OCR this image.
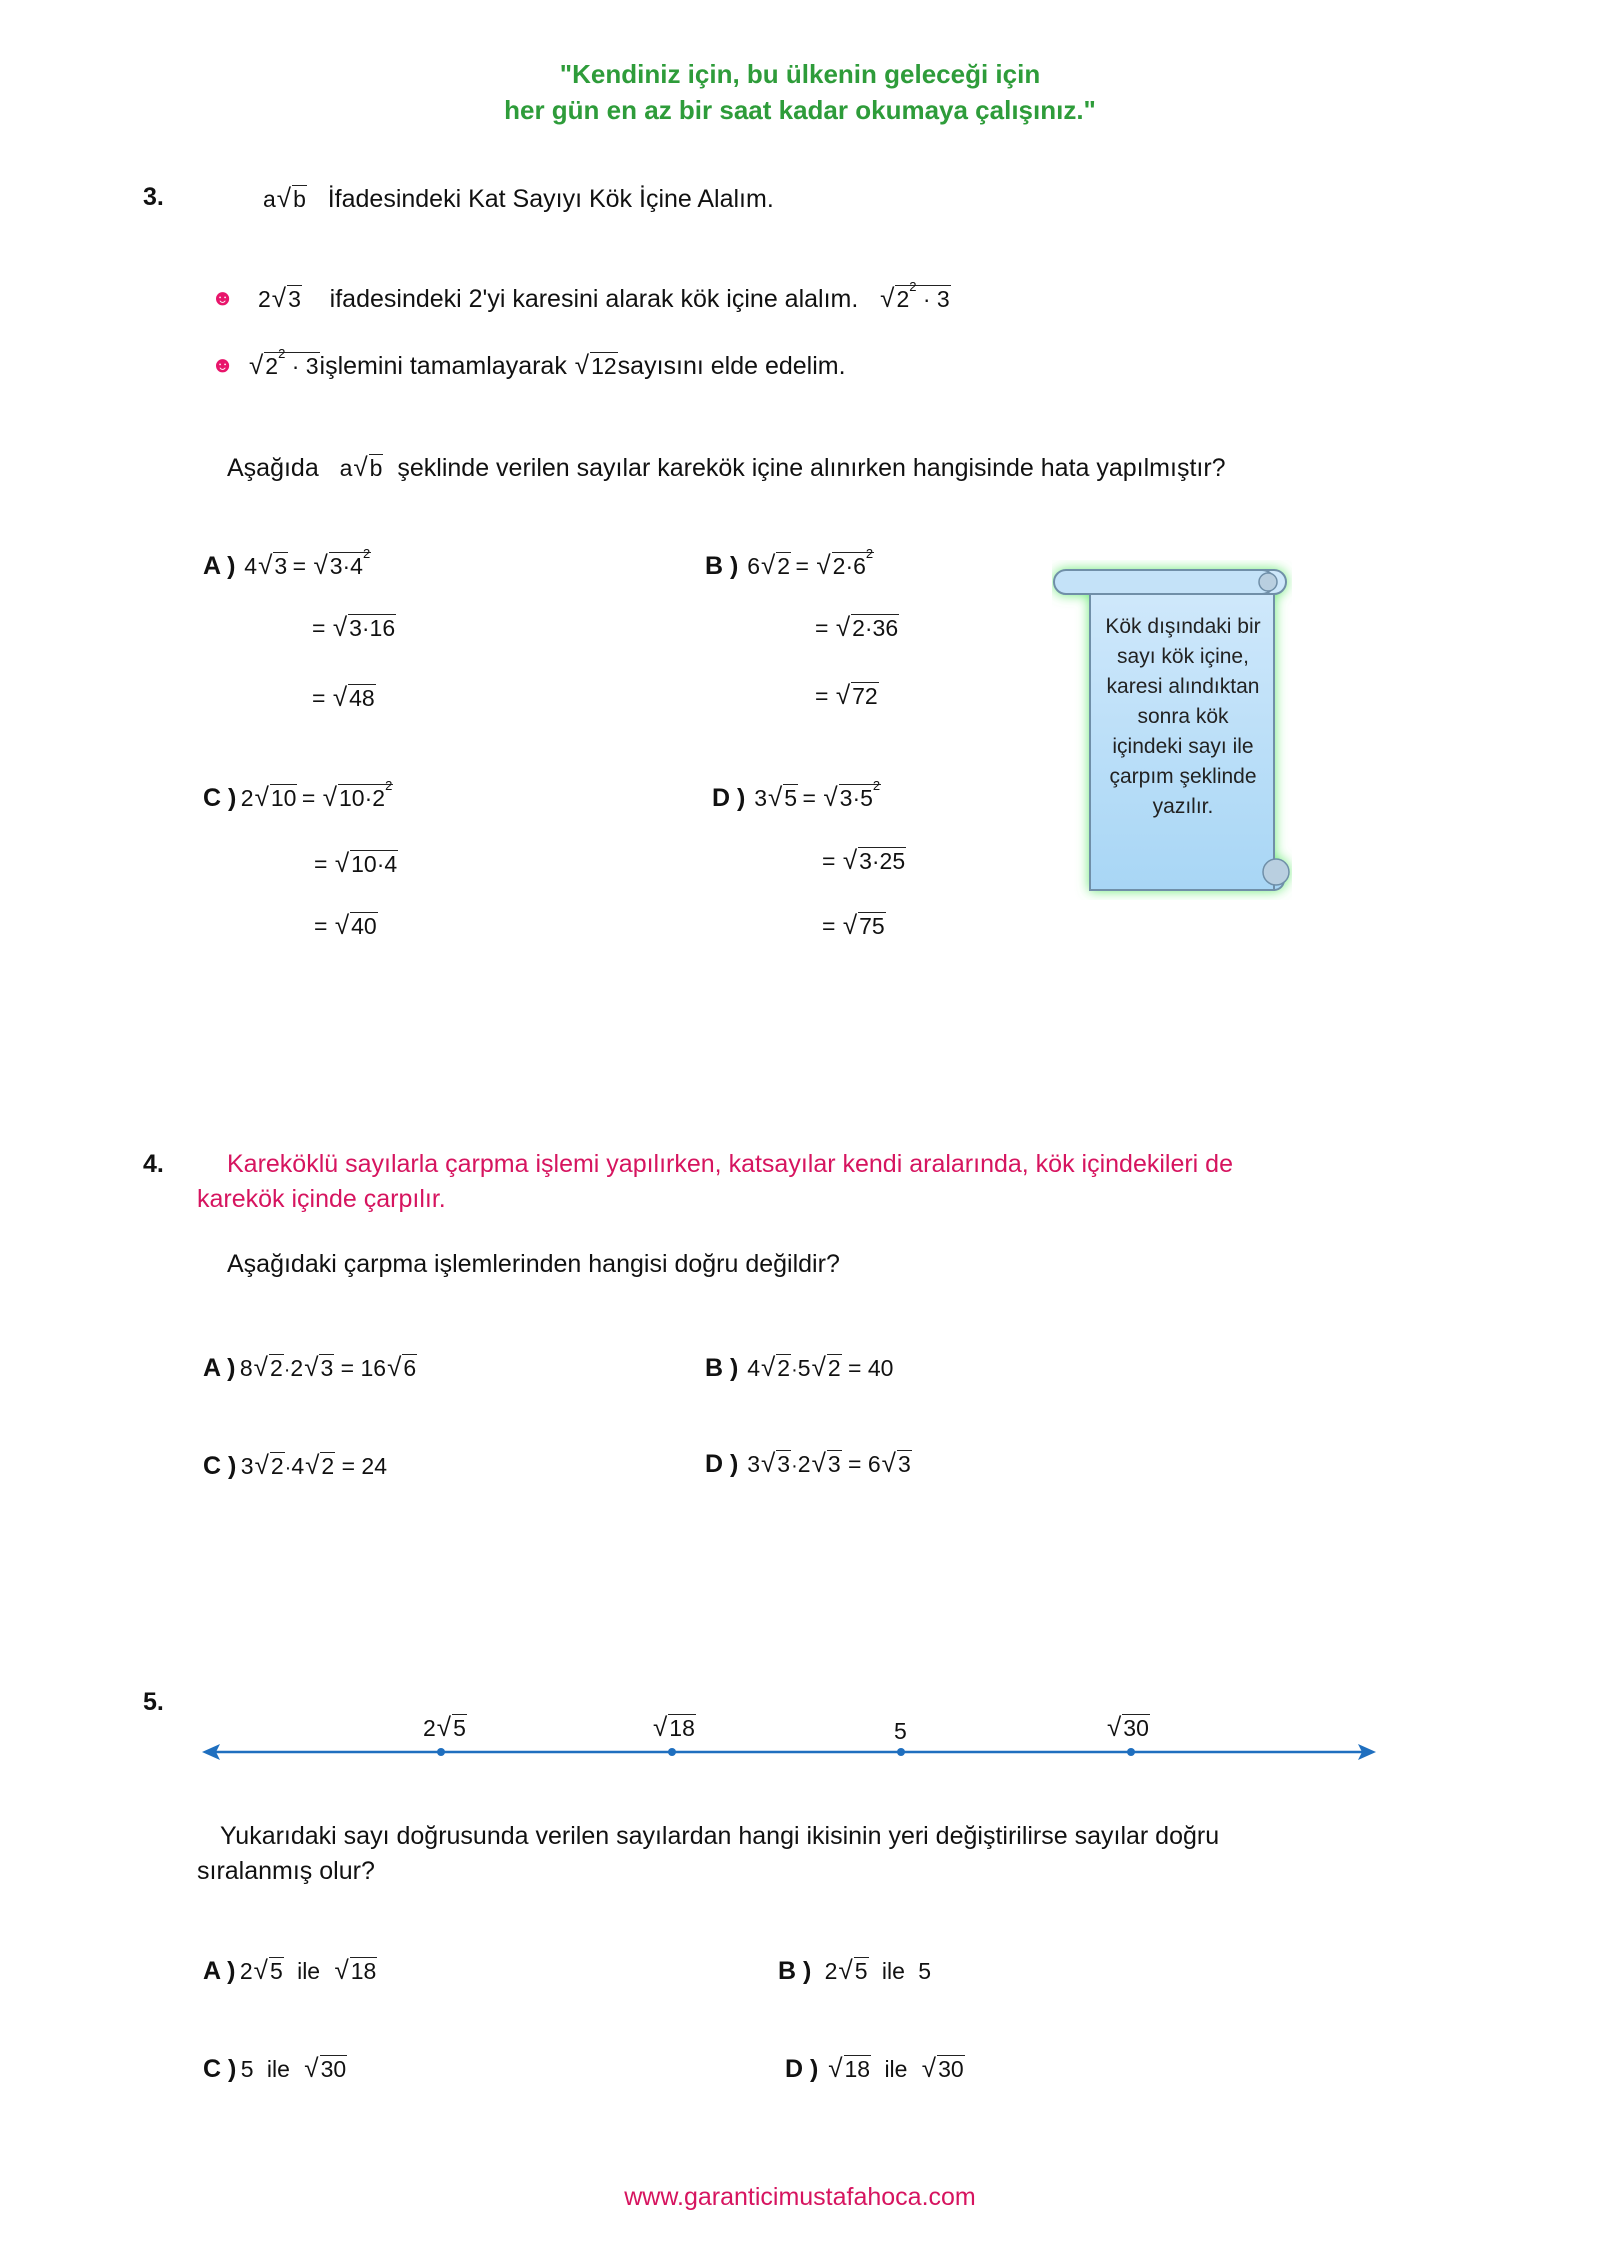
"Kendiniz için, bu ülkenin geleceği için
her gün en az bir saat kadar okumaya çalışınız."
3.	a√b İfadesindeki Kat Sayıyı Kök İçine Alalım.
☻ 2√3 ifadesindeki 2'yi karesini alarak kök içine alalım. $√2^2 \cdot 3$
☻ $√2^2$ · 3işlemini tamamlayarak √12sayısını elde edelim.
Aşağıda a√b şeklinde verilen sayılar karekök içine alınırken hangisinde hata yapılmıştır?
A ) $4√3 = √3\cdot 4^2$
= √3·16
= √48
B ) $6√2 = √2\cdot 6^2$
= √2·36
= √72
C ) $2√10 = √10\cdot 2^2$
= √10·4
= √40
D ) $3√5 = √3\cdot 5^2$
= √3·25
= √75
Kök dışındaki bir sayı kök içine, karesi alındıktan sonra kök içindeki sayı ile çarpım şeklinde yazılır.
4.	Kareköklü sayılarla çarpma işlemi yapılırken, katsayılar kendi aralarında, kök içindekileri de
karekök içinde çarpılır.
Aşağıdaki çarpma işlemlerinden hangisi doğru değildir?
A ) 8√2·2√3 = 16√6	B ) 4√2·5√2 = 40
C ) 3√2·4√2 = 24	D ) 3√3·2√3 = 6√3
5.
2√5	√18	5	√30
Yukarıdaki sayı doğrusunda verilen sayılardan hangi ikisinin yeri değiştirilirse sayılar doğru
sıralanmış olur?
A ) 2√5 ile √18	B ) 2√5 ile 5
C ) 5 ile √30	D ) √18 ile √30
www.garanticimustafahoca.com
